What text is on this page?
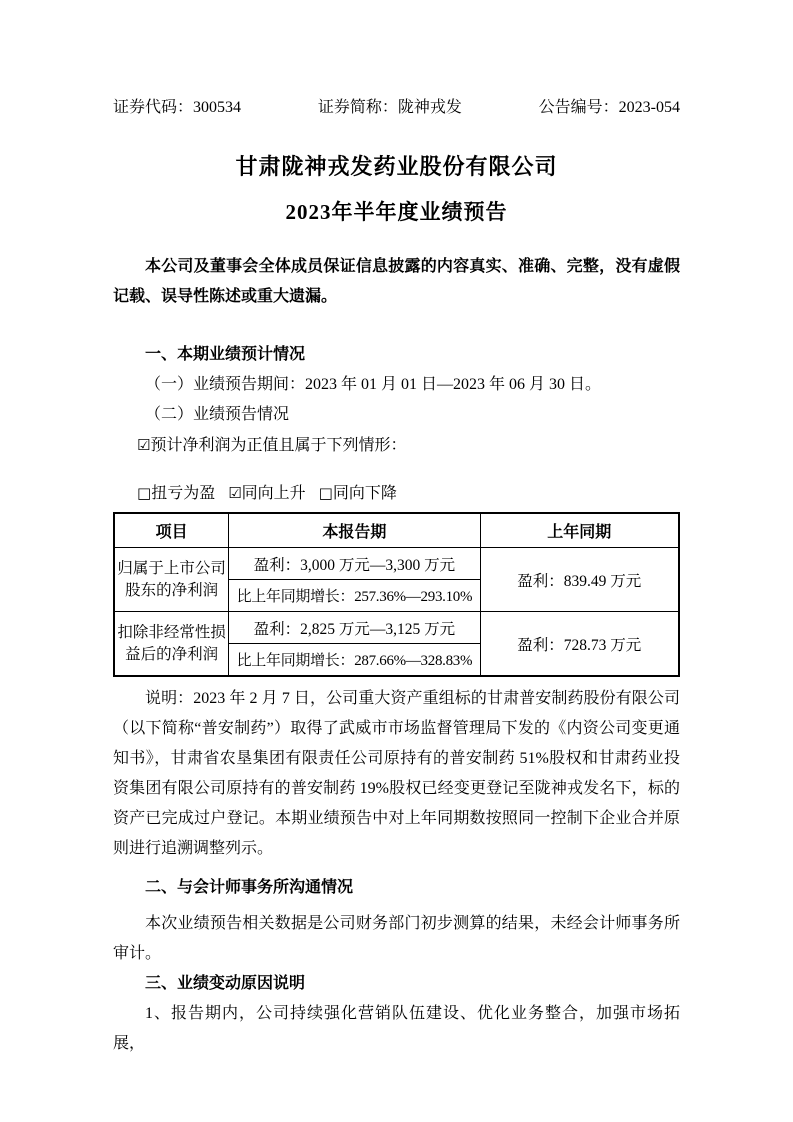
证券代码：300534	证券简称：陇神戎发	公告编号：2023-054
甘肃陇神戎发药业股份有限公司
2023年半年度业绩预告

本公司及董事会全体成员保证信息披露的内容真实、准确、完整，没有虚假记载、误导性陈述或重大遗漏。

一、本期业绩预计情况

（一）业绩预告期间：2023 年 01 月 01 日—2023 年 06 月 30 日。

（二）业绩预告情况

☑预计净利润为正值且属于下列情形：

□扭亏为盈 ☑同向上升 □同向下降

项目	本报告期	上年同期
归属于上市公司股东的净利润	盈利：3,000 万元—3,300 万元	盈利：839.49 万元
	比上年同期增长：257.36%—293.10%	
扣除非经常性损益后的净利润	盈利：2,825 万元—3,125 万元	盈利：728.73 万元
	比上年同期增长：287.66%—328.83%	

说明：2023 年 2 月 7 日，公司重大资产重组标的甘肃普安制药股份有限公司（以下简称“普安制药”）取得了武威市市场监督管理局下发的《内资公司变更通知书》，甘肃省农垦集团有限责任公司原持有的普安制药 51%股权和甘肃药业投资集团有限公司原持有的普安制药 19%股权已经变更登记至陇神戎发名下，标的资产已完成过户登记。本期业绩预告中对上年同期数按照同一控制下企业合并原则进行追溯调整列示。

二、与会计师事务所沟通情况

本次业绩预告相关数据是公司财务部门初步测算的结果，未经会计师事务所审计。

三、业绩变动原因说明

1、报告期内，公司持续强化营销队伍建设、优化业务整合，加强市场拓展，
